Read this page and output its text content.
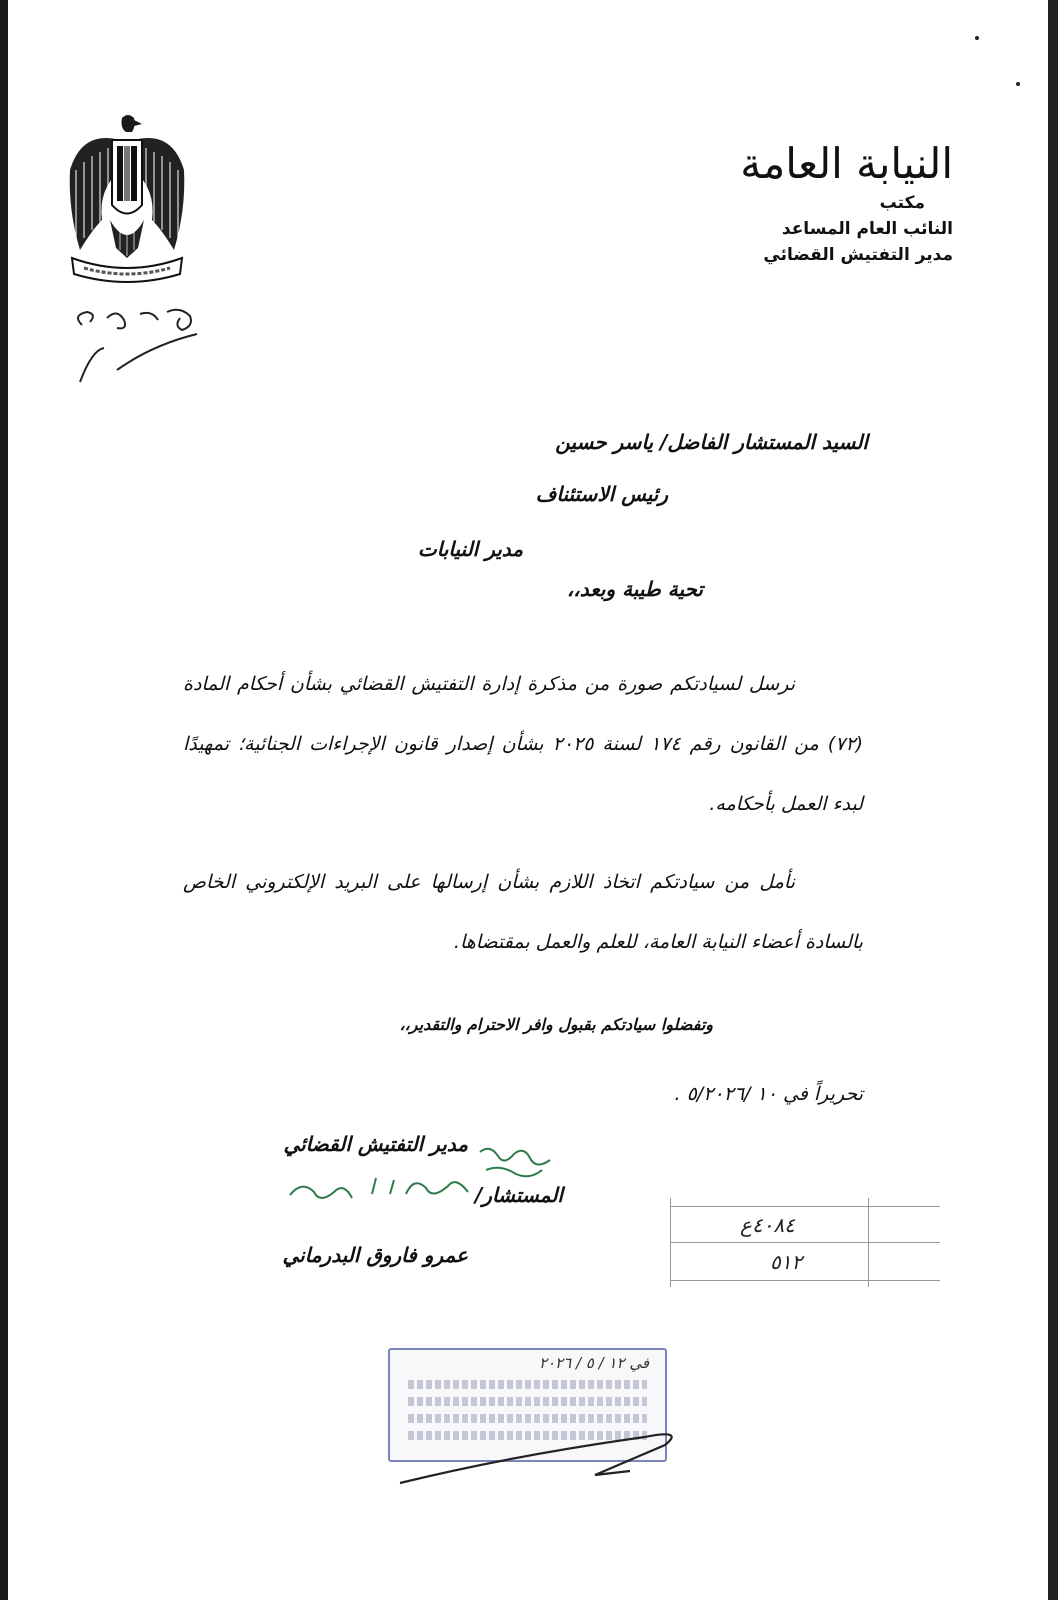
النيابة العامة
مكتب
النائب العام المساعد
مدير التفتيش القضائي
السيد المستشار الفاضل/ ياسر حسين
رئيس الاستئناف
مدير النيابات
تحية طيبة وبعد،،

نرسل لسيادتكم صورة من مذكرة إدارة التفتيش القضائي بشأن أحكام المادة (٧٢) من القانون رقم ١٧٤ لسنة ٢٠٢٥ بشأن إصدار قانون الإجراءات الجنائية؛ تمهيدًا لبدء العمل بأحكامه.

نأمل من سيادتكم اتخاذ اللازم بشأن إرسالها على البريد الإلكتروني الخاص بالسادة أعضاء النيابة العامة، للعلم والعمل بمقتضاها.

وتفضلوا سيادتكم بقبول وافر الاحترام والتقدير،،
تحريراً في ١٠ /٥/٢٠٢٦ .
مدير التفتيش القضائي
المستشار/
عمرو فاروق البدرماني
٤٠٨٤ع
٥١٢
في ١٢ / ٥ / ٢٠٢٦
